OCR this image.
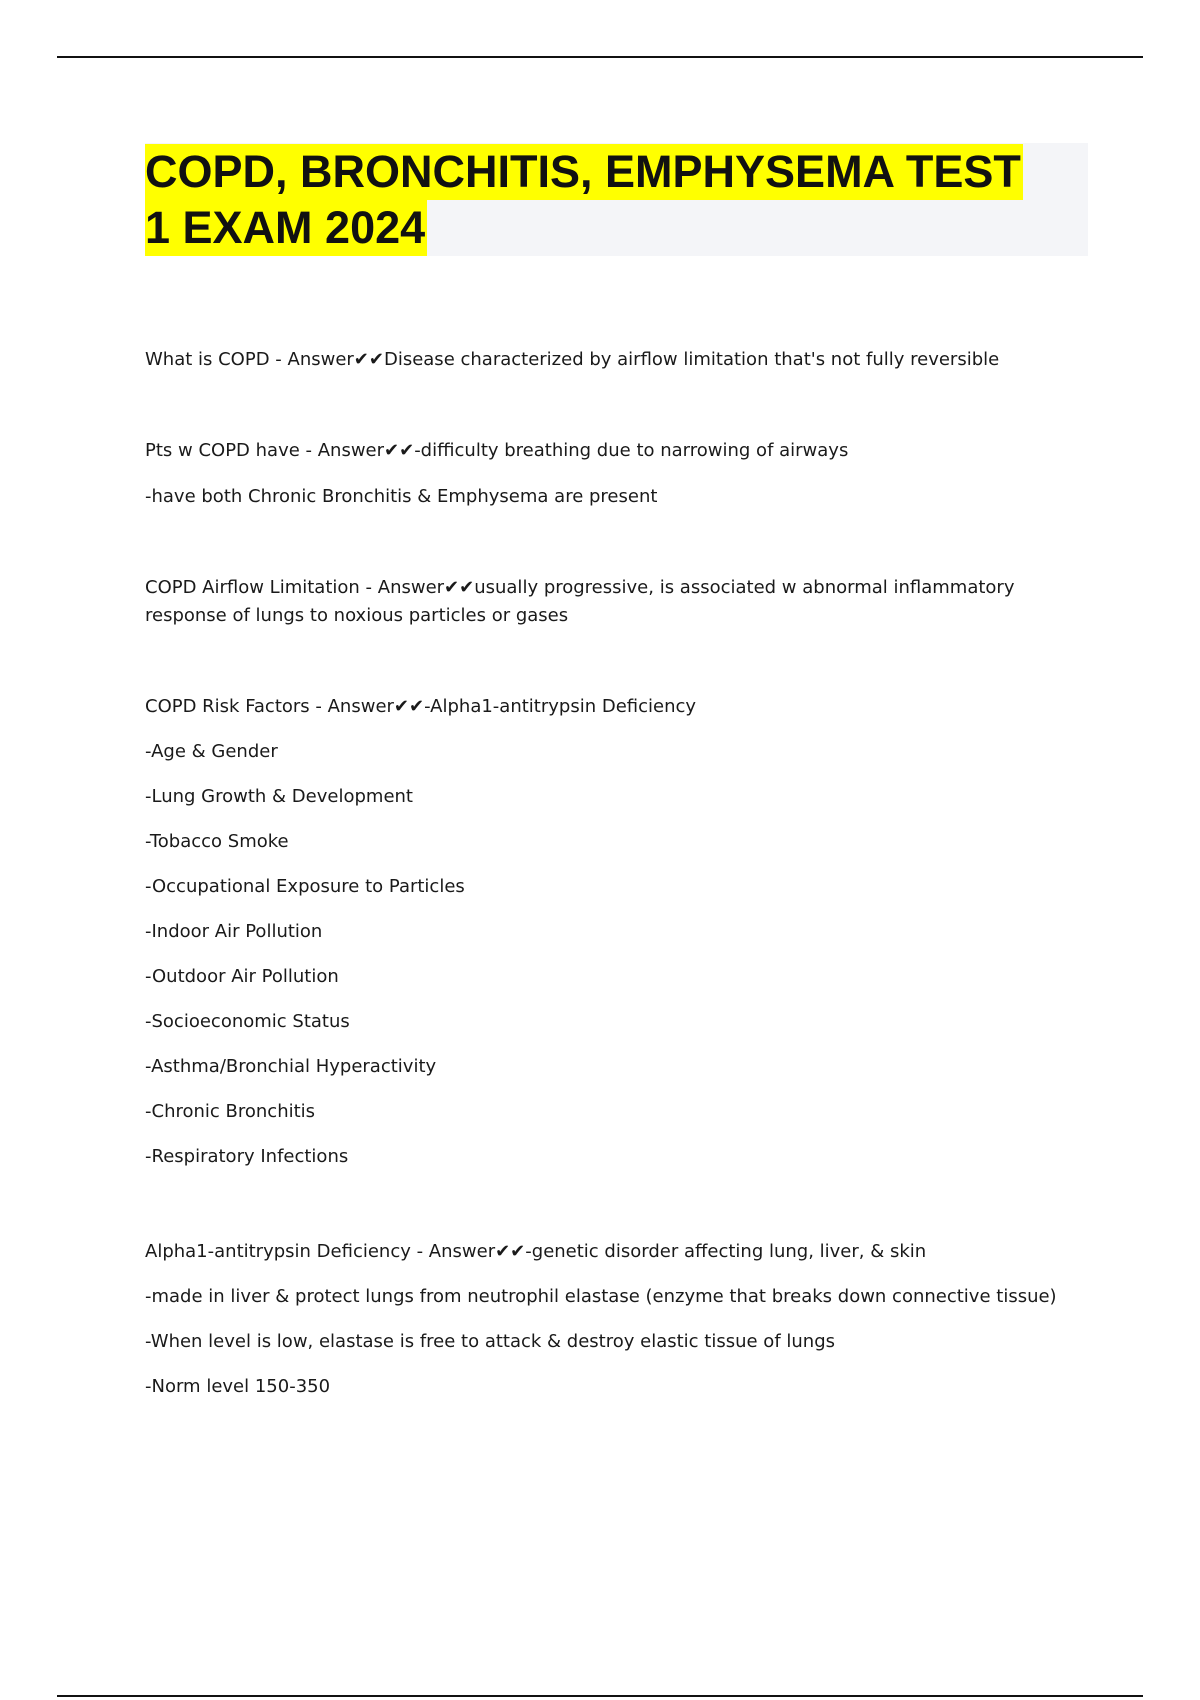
COPD, BRONCHITIS, EMPHYSEMA TEST
1 EXAM 2024
What is COPD - Answer✔✔Disease characterized by airflow limitation that's not fully reversible
Pts w COPD have - Answer✔✔-difficulty breathing due to narrowing of airways
-have both Chronic Bronchitis & Emphysema are present
COPD Airflow Limitation - Answer✔✔usually progressive, is associated w abnormal inflammatory
response of lungs to noxious particles or gases
COPD Risk Factors - Answer✔✔-Alpha1-antitrypsin Deficiency
-Age & Gender
-Lung Growth & Development
-Tobacco Smoke
-Occupational Exposure to Particles
-Indoor Air Pollution
-Outdoor Air Pollution
-Socioeconomic Status
-Asthma/Bronchial Hyperactivity
-Chronic Bronchitis
-Respiratory Infections
Alpha1-antitrypsin Deficiency - Answer✔✔-genetic disorder affecting lung, liver, & skin
-made in liver & protect lungs from neutrophil elastase (enzyme that breaks down connective tissue)
-When level is low, elastase is free to attack & destroy elastic tissue of lungs
-Norm level 150-350
